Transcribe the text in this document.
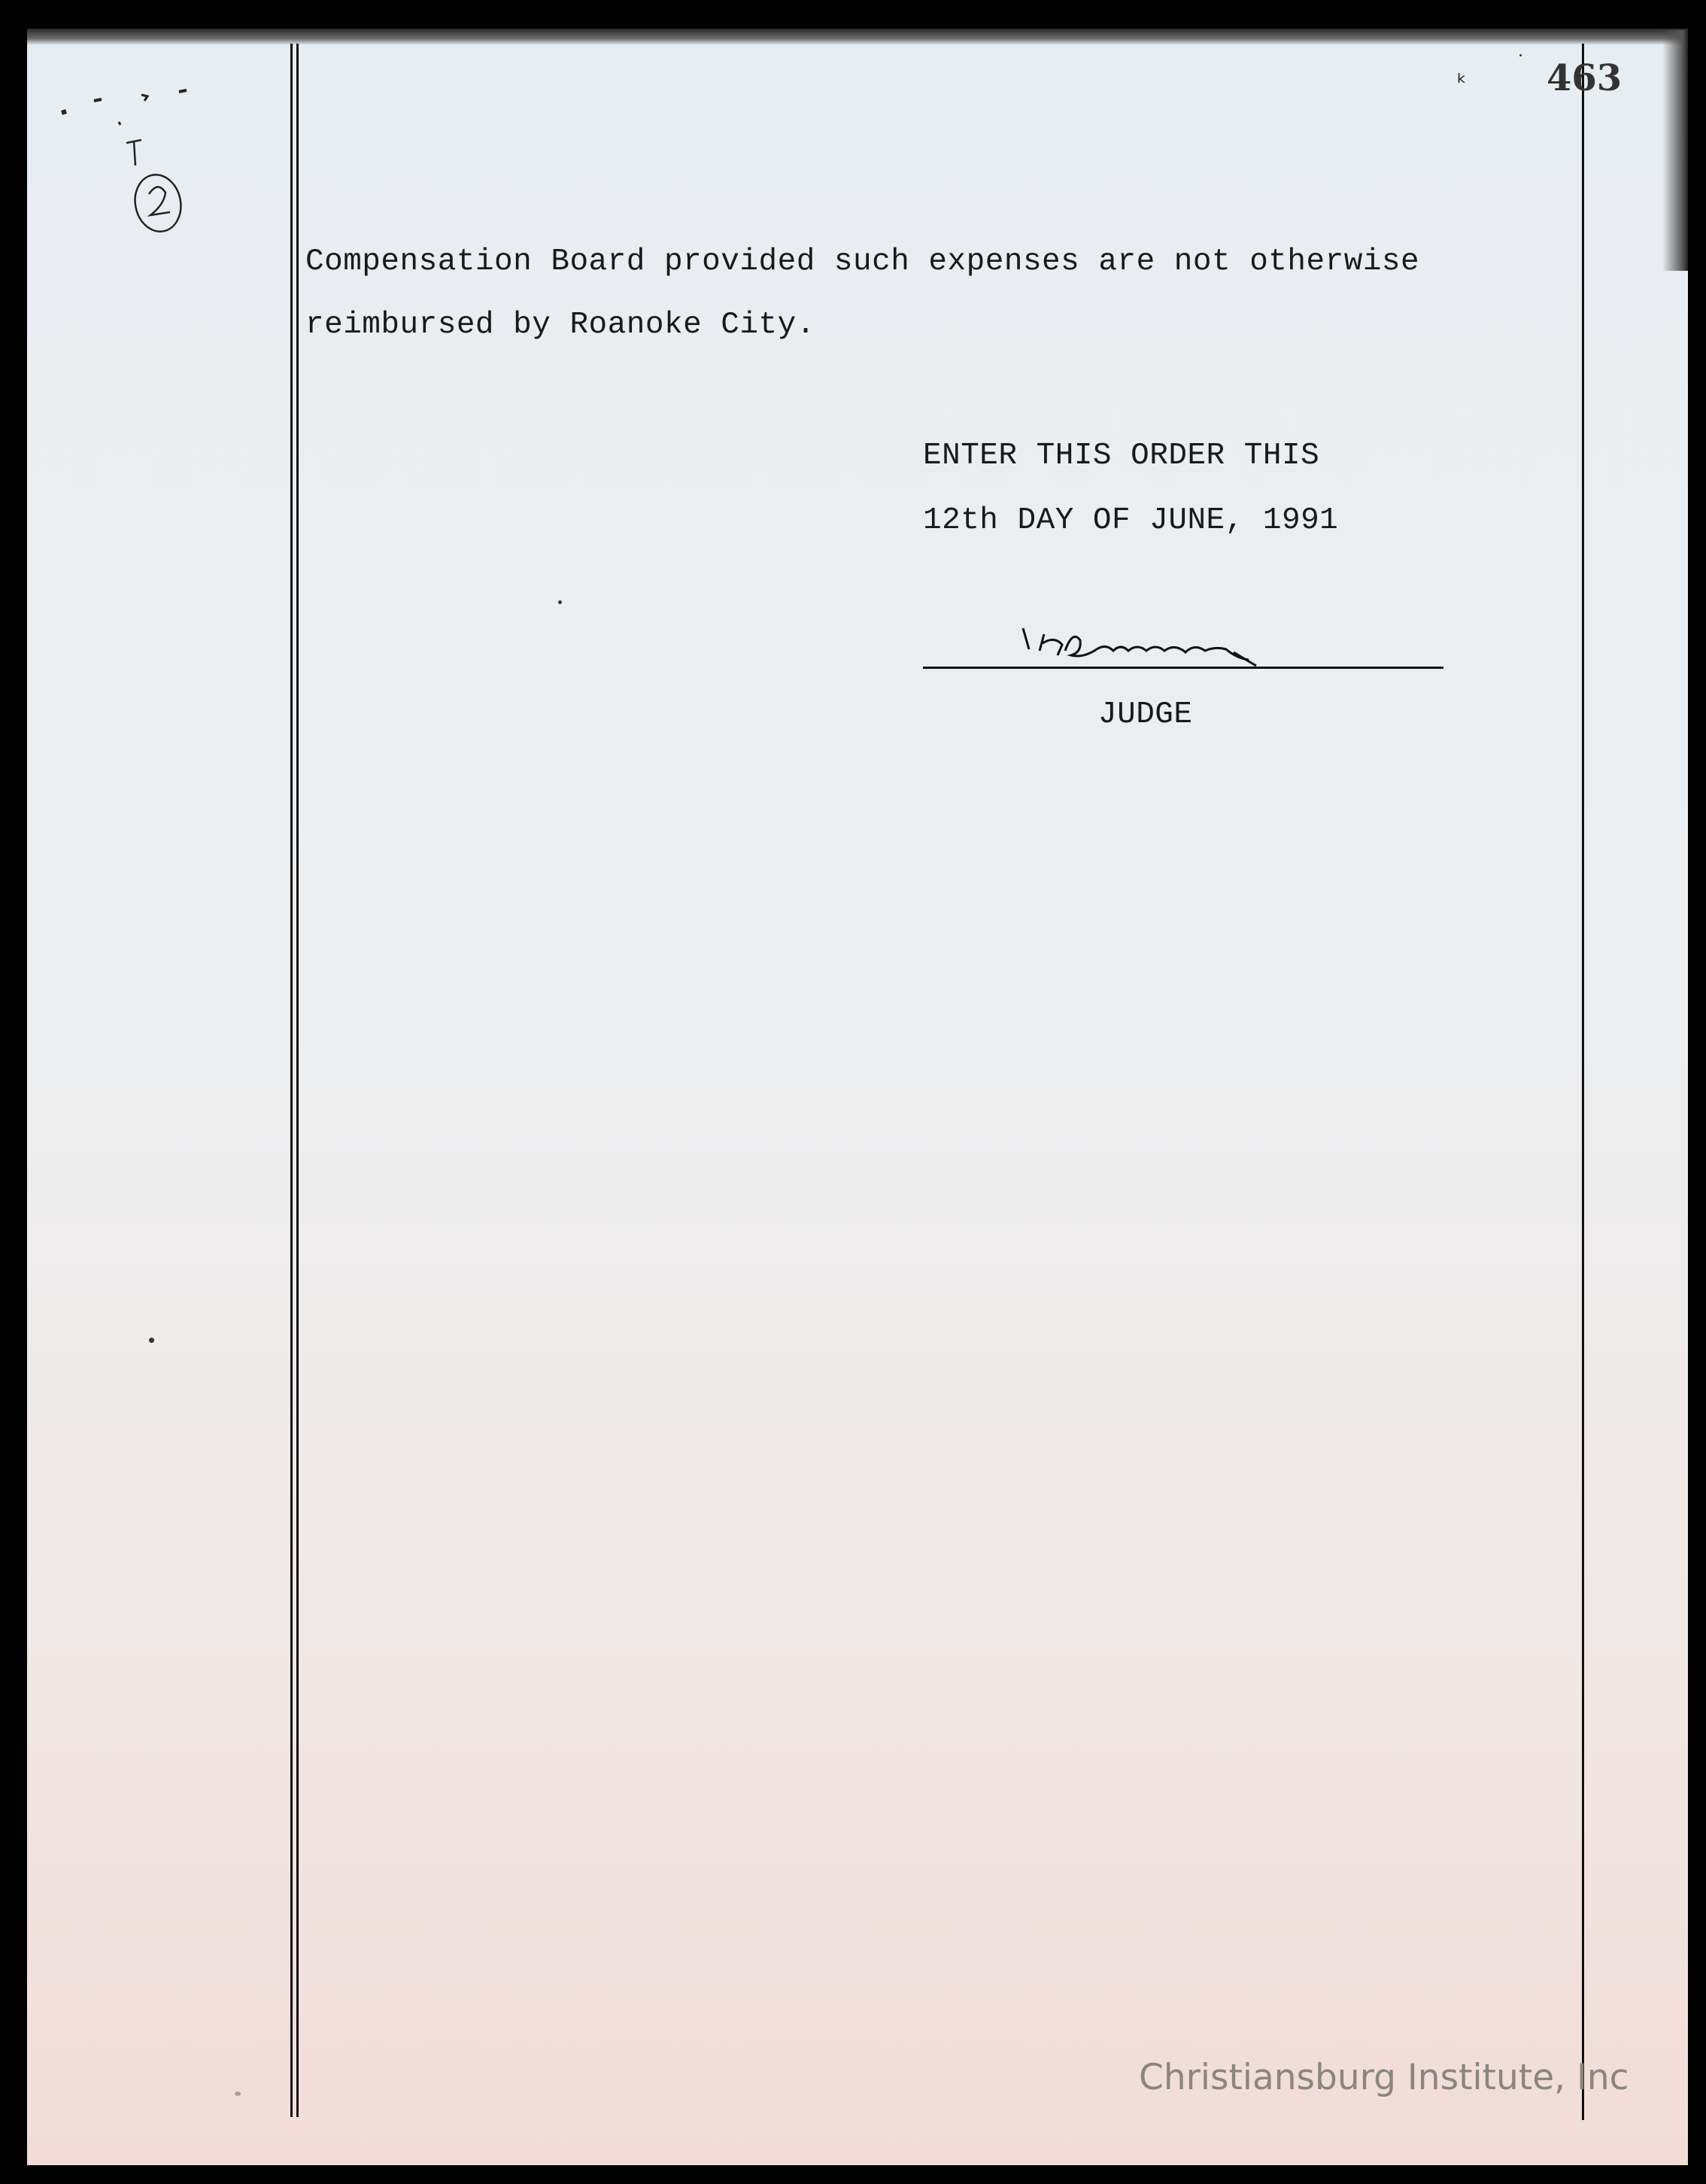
ᵏ 463
Compensation Board provided such expenses are not otherwise
reimbursed by Roanoke City.
ENTER THIS ORDER THIS
12th DAY OF JUNE, 1991
JUDGE
Christiansburg Institute, Inc
